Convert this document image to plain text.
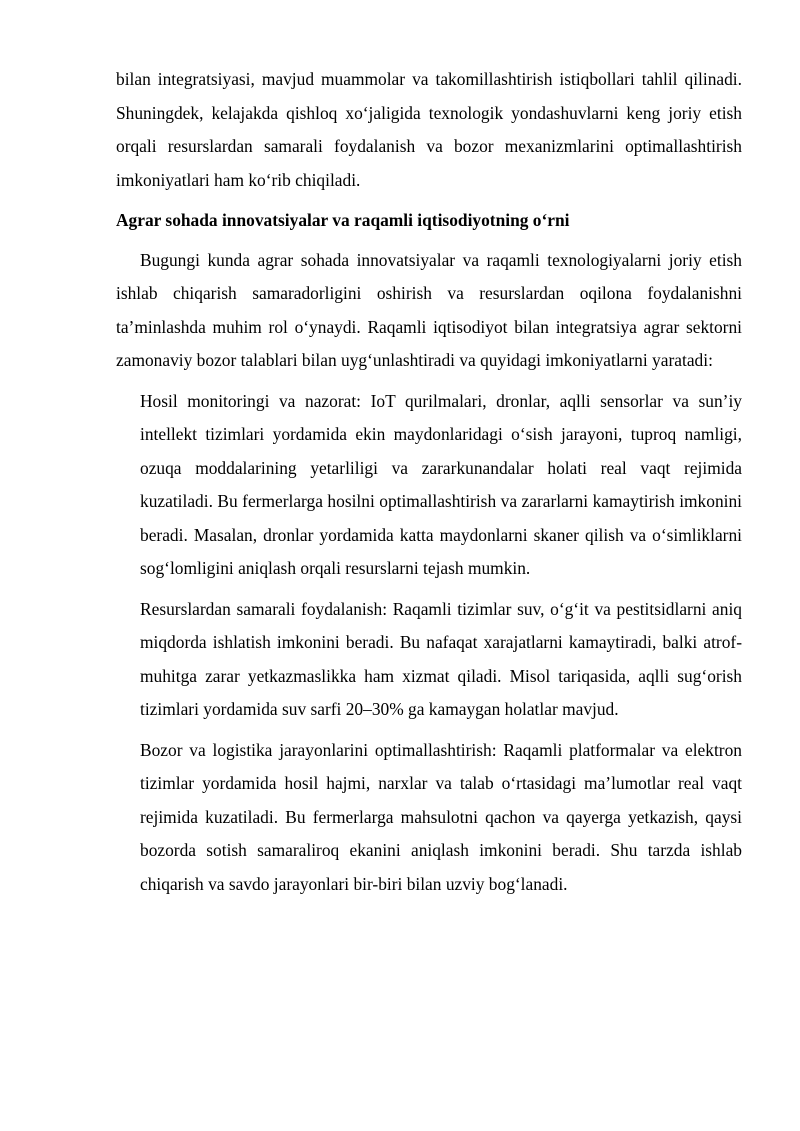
bilan integratsiyasi, mavjud muammolar va takomillashtirish istiqbollari tahlil qilinadi. Shuningdek, kelajakda qishloq xo‘jaligida texnologik yondashuvlarni keng joriy etish orqali resurslardan samarali foydalanish va bozor mexanizmlarini optimallashtirish imkoniyatlari ham ko‘rib chiqiladi.

Agrar sohada innovatsiyalar va raqamli iqtisodiyotning o‘rni

Bugungi kunda agrar sohada innovatsiyalar va raqamli texnologiyalarni joriy etish ishlab chiqarish samaradorligini oshirish va resurslardan oqilona foydalanishni ta’minlashda muhim rol o‘ynaydi. Raqamli iqtisodiyot bilan integratsiya agrar sektorni zamonaviy bozor talablari bilan uyg‘unlashtiradi va quyidagi imkoniyatlarni yaratadi:

Hosil monitoringi va nazorat: IoT qurilmalari, dronlar, aqlli sensorlar va sun’iy intellekt tizimlari yordamida ekin maydonlaridagi o‘sish jarayoni, tuproq namligi, ozuqa moddalarining yetarliligi va zararkunandalar holati real vaqt rejimida kuzatiladi. Bu fermerlarga hosilni optimallashtirish va zararlarni kamaytirish imkonini beradi. Masalan, dronlar yordamida katta maydonlarni skaner qilish va o‘simliklarni sog‘lomligini aniqlash orqali resurslarni tejash mumkin.

Resurslardan samarali foydalanish: Raqamli tizimlar suv, o‘g‘it va pestitsidlarni aniq miqdorda ishlatish imkonini beradi. Bu nafaqat xarajatlarni kamaytiradi, balki atrof-muhitga zarar yetkazmaslikka ham xizmat qiladi. Misol tariqasida, aqlli sug‘orish tizimlari yordamida suv sarfi 20–30% ga kamaygan holatlar mavjud.

Bozor va logistika jarayonlarini optimallashtirish: Raqamli platformalar va elektron tizimlar yordamida hosil hajmi, narxlar va talab o‘rtasidagi ma’lumotlar real vaqt rejimida kuzatiladi. Bu fermerlarga mahsulotni qachon va qayerga yetkazish, qaysi bozorda sotish samaraliroq ekanini aniqlash imkonini beradi. Shu tarzda ishlab chiqarish va savdo jarayonlari bir-biri bilan uzviy bog‘lanadi.
